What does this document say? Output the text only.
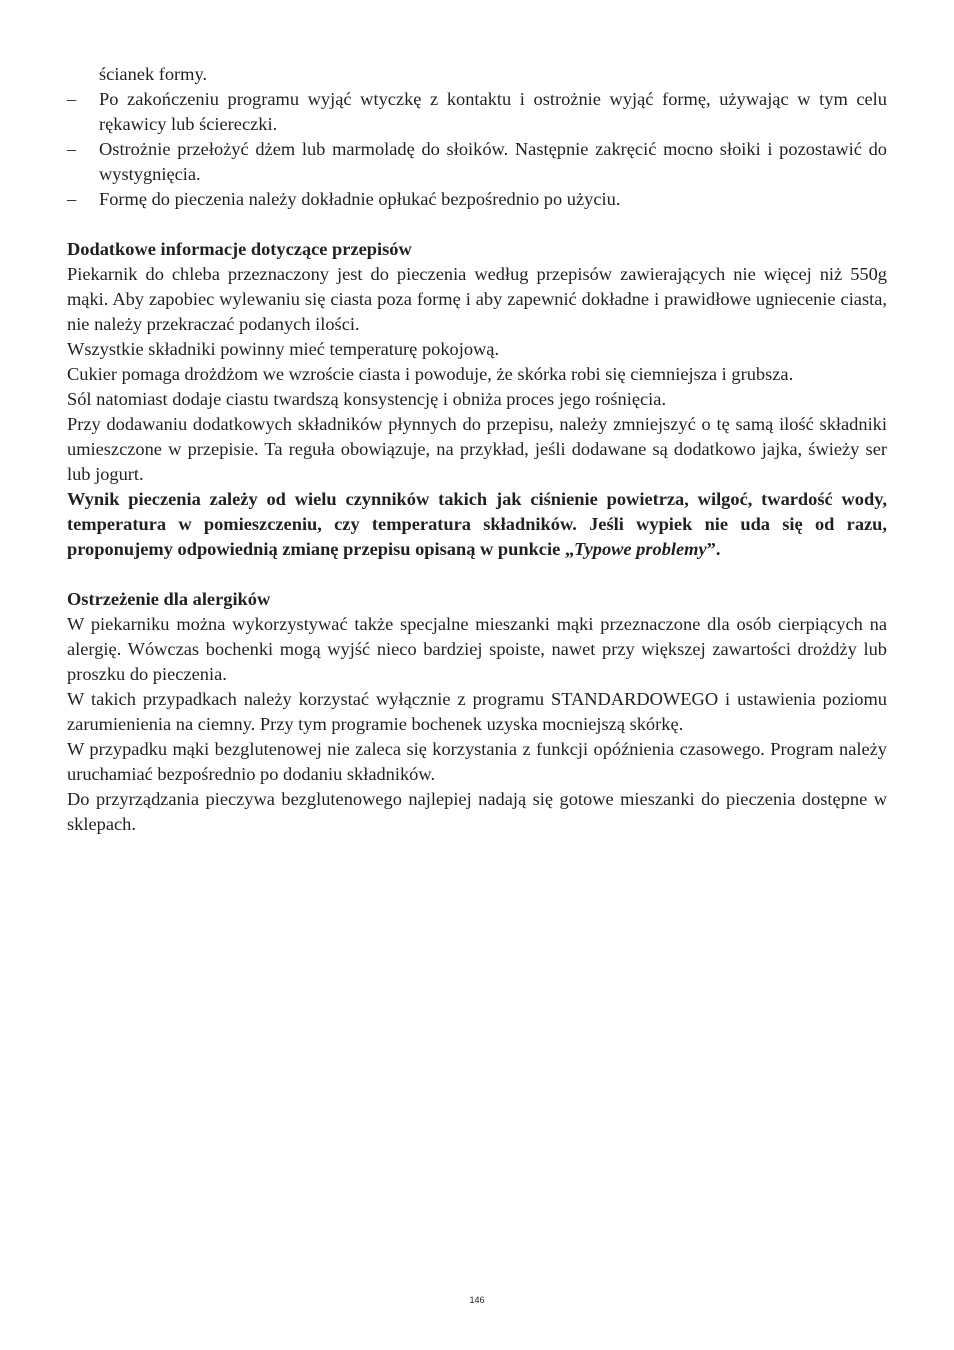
ścianek formy.

– Po zakończeniu programu wyjąć wtyczkę z kontaktu i ostrożnie wyjąć formę, używając w tym celu rękawicy lub ściereczki.
– Ostrożnie przełożyć dżem lub marmoladę do słoików. Następnie zakręcić mocno słoiki i pozostawić do wystygnięcia.
– Formę do pieczenia należy dokładnie opłukać bezpośrednio po użyciu.

Dodatkowe informacje dotyczące przepisów

Piekarnik do chleba przeznaczony jest do pieczenia według przepisów zawierających nie więcej niż 550g mąki. Aby zapobiec wylewaniu się ciasta poza formę i aby zapewnić dokładne i prawidłowe ugniecenie ciasta, nie należy przekraczać podanych ilości.

Wszystkie składniki powinny mieć temperaturę pokojową.

Cukier pomaga drożdżom we wzroście ciasta i powoduje, że skórka robi się ciemniejsza i grubsza.

Sól natomiast dodaje ciastu twardszą konsystencję i obniża proces jego rośnięcia.

Przy dodawaniu dodatkowych składników płynnych do przepisu, należy zmniejszyć o tę samą ilość składniki umieszczone w przepisie. Ta reguła obowiązuje, na przykład, jeśli dodawane są dodatkowo jajka, świeży ser lub jogurt.

Wynik pieczenia zależy od wielu czynników takich jak ciśnienie powietrza, wilgoć, twardość wody, temperatura w pomieszczeniu, czy temperatura składników. Jeśli wypiek nie uda się od razu, proponujemy odpowiednią zmianę przepisu opisaną w punkcie „Typowe problemy”.

Ostrzeżenie dla alergików

W piekarniku można wykorzystywać także specjalne mieszanki mąki przeznaczone dla osób cierpiących na alergię. Wówczas bochenki mogą wyjść nieco bardziej spoiste, nawet przy większej zawartości drożdży lub proszku do pieczenia.

W takich przypadkach należy korzystać wyłącznie z programu STANDARDOWEGO i ustawienia poziomu zarumienienia na ciemny. Przy tym programie bochenek uzyska mocniejszą skórkę.

W przypadku mąki bezglutenowej nie zaleca się korzystania z funkcji opóźnienia czasowego. Program należy uruchamiać bezpośrednio po dodaniu składników.

Do przyrządzania pieczywa bezglutenowego najlepiej nadają się gotowe mieszanki do pieczenia dostępne w sklepach.

146
